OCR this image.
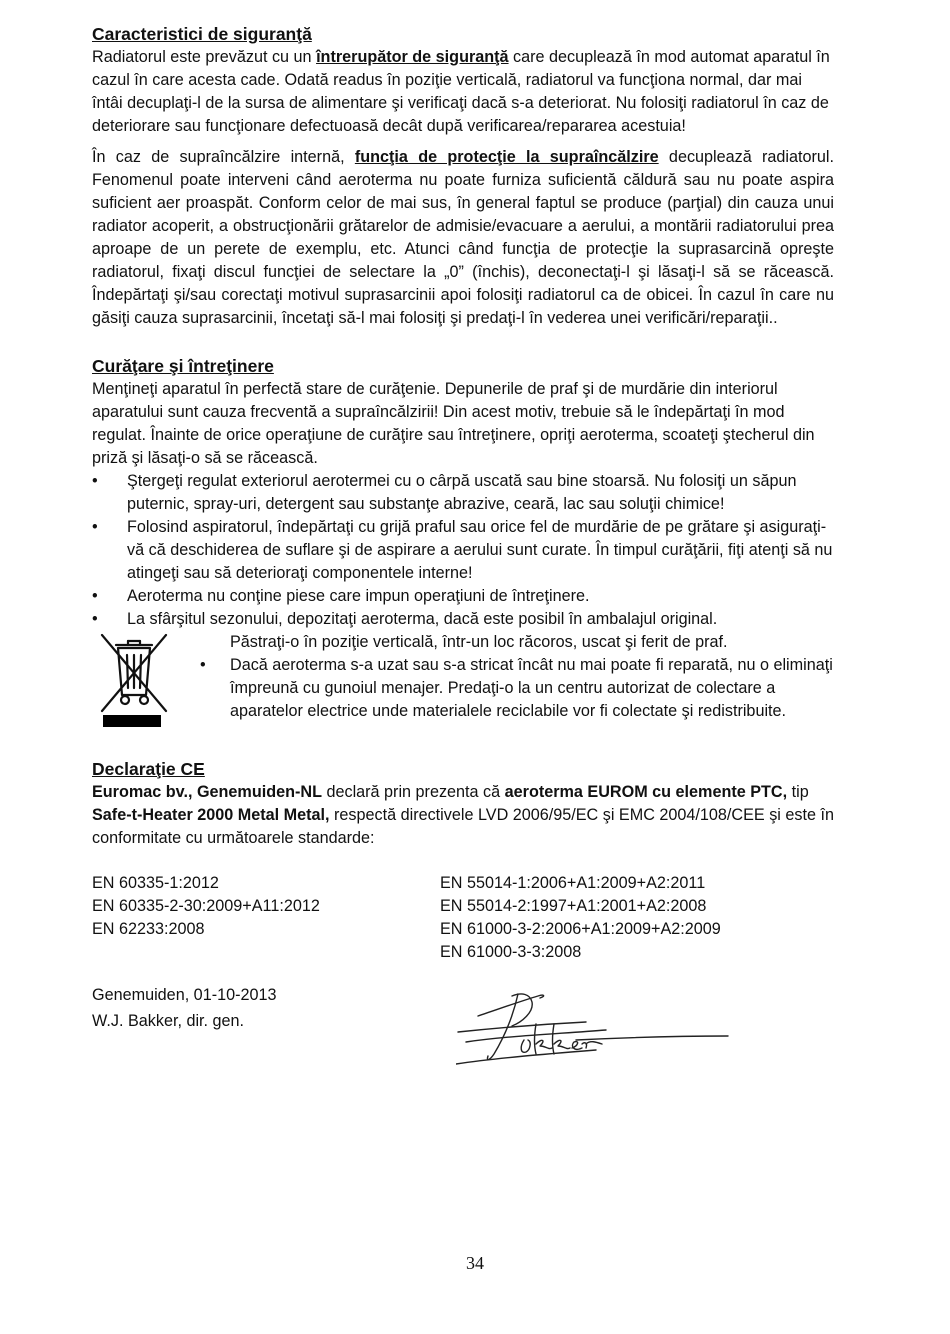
Caracteristici de siguranţă

Radiatorul este prevăzut cu un întrerupător de siguranţă care decuplează în mod automat aparatul în cazul în care acesta cade. Odată readus în poziţie verticală, radiatorul va funcţiona normal, dar mai întâi decuplaţi-l de la sursa de alimentare şi verificaţi dacă s-a deteriorat. Nu folosiţi radiatorul în caz de deteriorare sau funcţionare defectuoasă decât după verificarea/repararea acestuia!

În caz de supraîncălzire internă, funcţia de protecţie la supraîncălzire decuplează radiatorul. Fenomenul poate interveni când aeroterma nu poate furniza suficientă căldură sau nu poate aspira suficient aer proaspăt. Conform celor de mai sus, în general faptul se produce (parţial) din cauza unui radiator acoperit, a obstrucţionării grătarelor de admisie/evacuare a aerului, a montării radiatorului prea aproape de un perete de exemplu, etc. Atunci când funcţia de protecţie la suprasarcină opreşte radiatorul, fixaţi discul funcţiei de selectare la „0” (închis), deconectaţi-l şi lăsaţi-l să se răcească. Îndepărtaţi şi/sau corectaţi motivul suprasarcinii apoi folosiţi radiatorul ca de obicei. În cazul în care nu găsiţi cauza suprasarcinii, încetaţi să-l mai folosiţi şi predaţi-l în vederea unei verificări/reparaţii..

Curăţare şi întreţinere

Menţineţi aparatul în perfectă stare de curăţenie. Depunerile de praf şi de murdărie din interiorul aparatului sunt cauza frecventă a supraîncălzirii! Din acest motiv, trebuie să le îndepărtaţi în mod regulat. Înainte de orice operaţiune de curăţire sau întreţinere, opriţi aeroterma, scoateţi ştecherul din priză şi lăsaţi-o să se răcească.

• Ştergeţi regulat exteriorul aerotermei cu o cârpă uscată sau bine stoarsă. Nu folosiţi un săpun puternic, spray-uri, detergent sau substanţe abrazive, ceară, lac sau soluţii chimice!
• Folosind aspiratorul, îndepărtaţi cu grijă praful sau orice fel de murdărie de pe grătare şi asiguraţi-vă că deschiderea de suflare şi de aspirare a aerului sunt curate. În timpul curăţării, fiţi atenţi să nu atingeţi sau să deterioraţi componentele interne!
• Aeroterma nu conţine piese care impun operaţiuni de întreţinere.
• La sfârşitul sezonului, depozitaţi aeroterma, dacă este posibil în ambalajul original.

Păstraţi-o în poziţie verticală, într-un loc răcoros, uscat şi ferit de praf.

• Dacă aeroterma s-a uzat sau s-a stricat încât nu mai poate fi reparată, nu o eliminaţi împreună cu gunoiul menajer. Predaţi-o la un centru autorizat de colectare a aparatelor electrice unde materialele reciclabile vor fi colectate şi redistribuite.

Declaraţie CE

Euromac bv., Genemuiden-NL declară prin prezenta că aeroterma EUROM cu elemente PTC, tip Safe-t-Heater 2000 Metal Metal, respectă directivele LVD 2006/95/EC şi EMC 2004/108/CEE şi este în conformitate cu următoarele standarde:

EN 60335-1:2012
EN 60335-2-30:2009+A11:2012
EN 62233:2008
EN 55014-1:2006+A1:2009+A2:2011
EN 55014-2:1997+A1:2001+A2:2008
EN 61000-3-2:2006+A1:2009+A2:2009
EN 61000-3-3:2008
Genemuiden, 01-10-2013
W.J. Bakker, dir. gen.
34
